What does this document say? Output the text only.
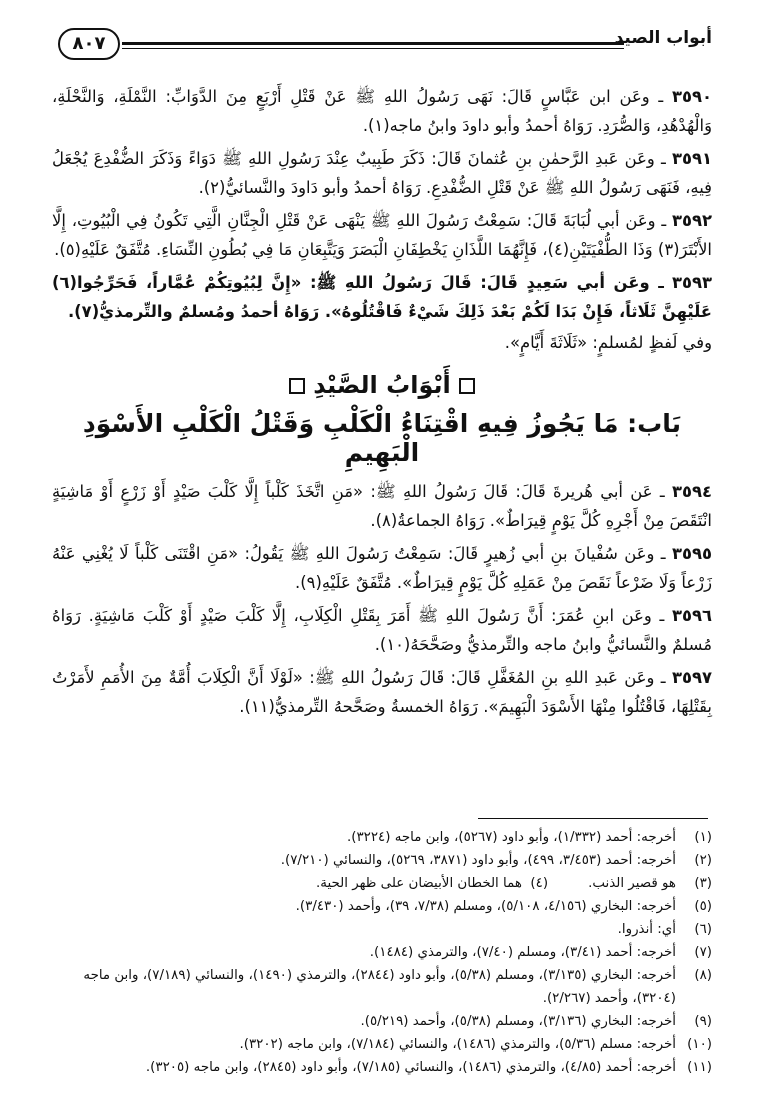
٨٠٧	أبواب الصيد

٣٥٩٠ ـ وعَن ابن عَبَّاسٍ قَالَ: نَهَى رَسُولُ اللهِ ﷺ عَنْ قَتْلِ أَرْبَعٍ مِنَ الدَّوَابِّ: النَّمْلَةِ، وَالنَّحْلَةِ، وَالْهُدْهُدِ، وَالصُّرَدِ. رَوَاهُ أحمدُ وأبو داودَ وابنُ ماجه(١).

٣٥٩١ ـ وعَن عَبدِ الرَّحمٰنِ بنِ عُثمانَ قَالَ: ذَكَرَ طَبِيبٌ عِنْدَ رَسُولِ اللهِ ﷺ دَوَاءً وَذَكَرَ الضُّفْدِعَ يُجْعَلُ فِيهِ، فَنَهَى رَسُولُ اللهِ ﷺ عَنْ قَتْلِ الضُّفْدِعِ. رَوَاهُ أحمدُ وأبو دَاودَ والنَّسائيُّ(٢).

٣٥٩٢ ـ وعَن أبي لُبَابَةَ قَالَ: سَمِعْتُ رَسُولَ اللهِ ﷺ يَنْهَى عَنْ قَتْلِ الْجِنَّانِ الَّتِي تَكُونُ فِي الْبُيُوتِ، إِلَّا الأَبْتَرَ(٣) وَذَا الطُّفْيَتَيْنِ(٤)، فَإِنَّهُمَا اللَّذَانِ يَخْطِفَانِ الْبَصَرَ وَيَتَّبِعَانِ مَا فِي بُطُونِ النِّسَاءِ. مُتَّفَقٌ عَلَيْهِ(٥).

٣٥٩٣ ـ وعَن أبي سَعِيدٍ قَالَ: قَالَ رَسُولُ اللهِ ﷺ: «إِنَّ لِبُيُوتِكُمْ عُمَّاراً، فَحَرِّجُوا(٦) عَلَيْهِنَّ ثَلَاثاً، فَإِنْ بَدَا لَكُمْ بَعْدَ ذَلِكَ شَيْءٌ فَاقْتُلُوهُ». رَوَاهُ أحمدُ ومُسلمٌ والتِّرمذيُّ(٧).

وفي لَفظٍ لمُسلمٍ: «ثَلَاثَةَ أَيَّامٍ».

أَبْوَابُ الصَّيْدِ
بَاب: مَا يَجُوزُ فِيهِ اقْتِنَاءُ الْكَلْبِ وَقَتْلُ الْكَلْبِ الأَسْوَدِ الْبَهِيمِ

٣٥٩٤ ـ عَن أبي هُريرةَ قَالَ: قَالَ رَسُولُ اللهِ ﷺ: «مَنِ اتَّخَذَ كَلْباً إِلَّا كَلْبَ صَيْدٍ أَوْ زَرْعٍ أَوْ مَاشِيَةٍ انْتَقَصَ مِنْ أَجْرِهِ كُلَّ يَوْمٍ قِيرَاطٌ». رَوَاهُ الجماعةُ(٨).

٣٥٩٥ ـ وعَن سُفْيانَ بنِ أبي زُهيرٍ قَالَ: سَمِعْتُ رَسُولَ اللهِ ﷺ يَقُولُ: «مَنِ اقْتَنَى كَلْباً لَا يُغْنِي عَنْهُ زَرْعاً وَلَا ضَرْعاً نَقَصَ مِنْ عَمَلِهِ كُلَّ يَوْمٍ قِيرَاطٌ». مُتَّفَقٌ عَلَيْهِ(٩).

٣٥٩٦ ـ وعَن ابنِ عُمَرَ: أَنَّ رَسُولَ اللهِ ﷺ أَمَرَ بِقَتْلِ الْكِلَابِ، إِلَّا كَلْبَ صَيْدٍ أَوْ كَلْبَ مَاشِيَةٍ. رَوَاهُ مُسلمٌ والنَّسائيُّ وابنُ ماجه والتِّرمذيُّ وصَحَّحَهُ(١٠).

٣٥٩٧ ـ وعَن عَبدِ اللهِ بنِ المُغَفَّلِ قَالَ: قَالَ رَسُولُ اللهِ ﷺ: «لَوْلَا أَنَّ الْكِلَابَ أُمَّةٌ مِنَ الأُمَمِ لأَمَرْتُ بِقَتْلِهَا، فَاقْتُلُوا مِنْهَا الأَسْوَدَ الْبَهِيمَ». رَوَاهُ الخمسةُ وصَحَّحهُ التِّرمذيُّ(١١).

(١)
أخرجه: أحمد (١/٣٣٢)، وأبو داود (٥٢٦٧)، وابن ماجه (٣٢٢٤).
(٢)
أخرجه: أحمد (٣/٤٥٣، ٤٩٩)، وأبو داود (٣٨٧١، ٥٢٦٩)، والنسائي (٧/٢١٠).
(٣)
هو قصير الذنب.(٤)  هما الخطان الأبيضان على ظهر الحية.
(٥)
أخرجه: البخاري (٤/١٥٦، ٥/١٠٨)، ومسلم (٧/٣٨، ٣٩)، وأحمد (٣/٤٣٠).
(٦)
أي: أنذروا.
(٧)
أخرجه: أحمد (٣/٤١)، ومسلم (٧/٤٠)، والترمذي (١٤٨٤).
(٨)
أخرجه: البخاري (٣/١٣٥)، ومسلم (٥/٣٨)، وأبو داود (٢٨٤٤)، والترمذي (١٤٩٠)، والنسائي (٧/١٨٩)، وابن ماجه (٣٢٠٤)، وأحمد (٢/٢٦٧).
(٩)
أخرجه: البخاري (٣/١٣٦)، ومسلم (٥/٣٨)، وأحمد (٥/٢١٩).
(١٠)
أخرجه: مسلم (٥/٣٦)، والترمذي (١٤٨٦)، والنسائي (٧/١٨٤)، وابن ماجه (٣٢٠٢).
(١١)
أخرجه: أحمد (٤/٨٥)، والترمذي (١٤٨٦)، والنسائي (٧/١٨٥)، وأبو داود (٢٨٤٥)، وابن ماجه (٣٢٠٥).
